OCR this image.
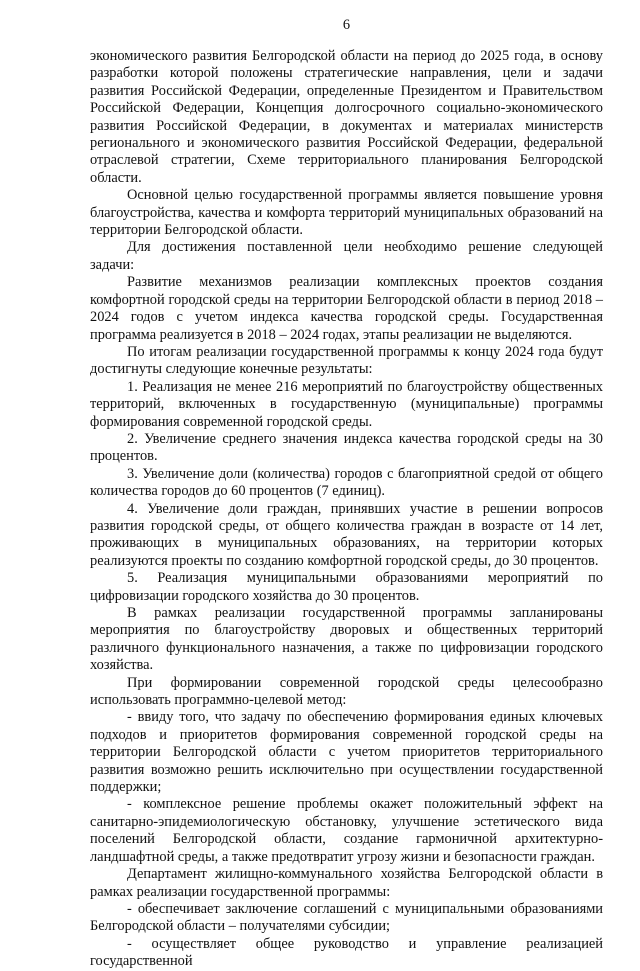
6

экономического развития Белгородской области на период до 2025 года, в основу разработки которой положены стратегические направления, цели и задачи развития Российской Федерации, определенные Президентом и Правительством Российской Федерации, Концепция долгосрочного социально-экономического развития Российской Федерации, в документах и материалах министерств регионального и экономического развития Российской Федерации, федеральной отраслевой стратегии, Схеме территориального планирования Белгородской области.

Основной целью государственной программы является повышение уровня благоустройства, качества и комфорта территорий муниципальных образований на территории Белгородской области.

Для достижения поставленной цели необходимо решение следующей задачи:

Развитие механизмов реализации комплексных проектов создания комфортной городской среды на территории Белгородской области в период 2018 – 2024 годов с учетом индекса качества городской среды. Государственная программа реализуется в 2018 – 2024 годах, этапы реализации не выделяются.

По итогам реализации государственной программы к концу 2024 года будут достигнуты следующие конечные результаты:

1. Реализация не менее 216 мероприятий по благоустройству общественных территорий, включенных в государственную (муниципальные) программы формирования современной городской среды.

2. Увеличение среднего значения индекса качества городской среды на 30 процентов.

3. Увеличение доли (количества) городов с благоприятной средой от общего количества городов до 60 процентов (7 единиц).

4. Увеличение доли граждан, принявших участие в решении вопросов развития городской среды, от общего количества граждан в возрасте от 14 лет, проживающих в муниципальных образованиях, на территории которых реализуются проекты по созданию комфортной городской среды, до 30 процентов.

5. Реализация муниципальными образованиями мероприятий по цифровизации городского хозяйства до 30 процентов.

В рамках реализации государственной программы запланированы мероприятия по благоустройству дворовых и общественных территорий различного функционального назначения, а также по цифровизации городского хозяйства.

При формировании современной городской среды целесообразно использовать программно-целевой метод:

- ввиду того, что задачу по обеспечению формирования единых ключевых подходов и приоритетов формирования современной городской среды на территории Белгородской области с учетом приоритетов территориального развития возможно решить исключительно при осуществлении государственной поддержки;

- комплексное решение проблемы окажет положительный эффект на санитарно-эпидемиологическую обстановку, улучшение эстетического вида поселений Белгородской области, создание гармоничной архитектурно-ландшафтной среды, а также предотвратит угрозу жизни и безопасности граждан.

Департамент жилищно-коммунального хозяйства Белгородской области в рамках реализации государственной программы:

- обеспечивает заключение соглашений с муниципальными образованиями Белгородской области – получателями субсидии;

- осуществляет общее руководство и управление реализацией государственной
